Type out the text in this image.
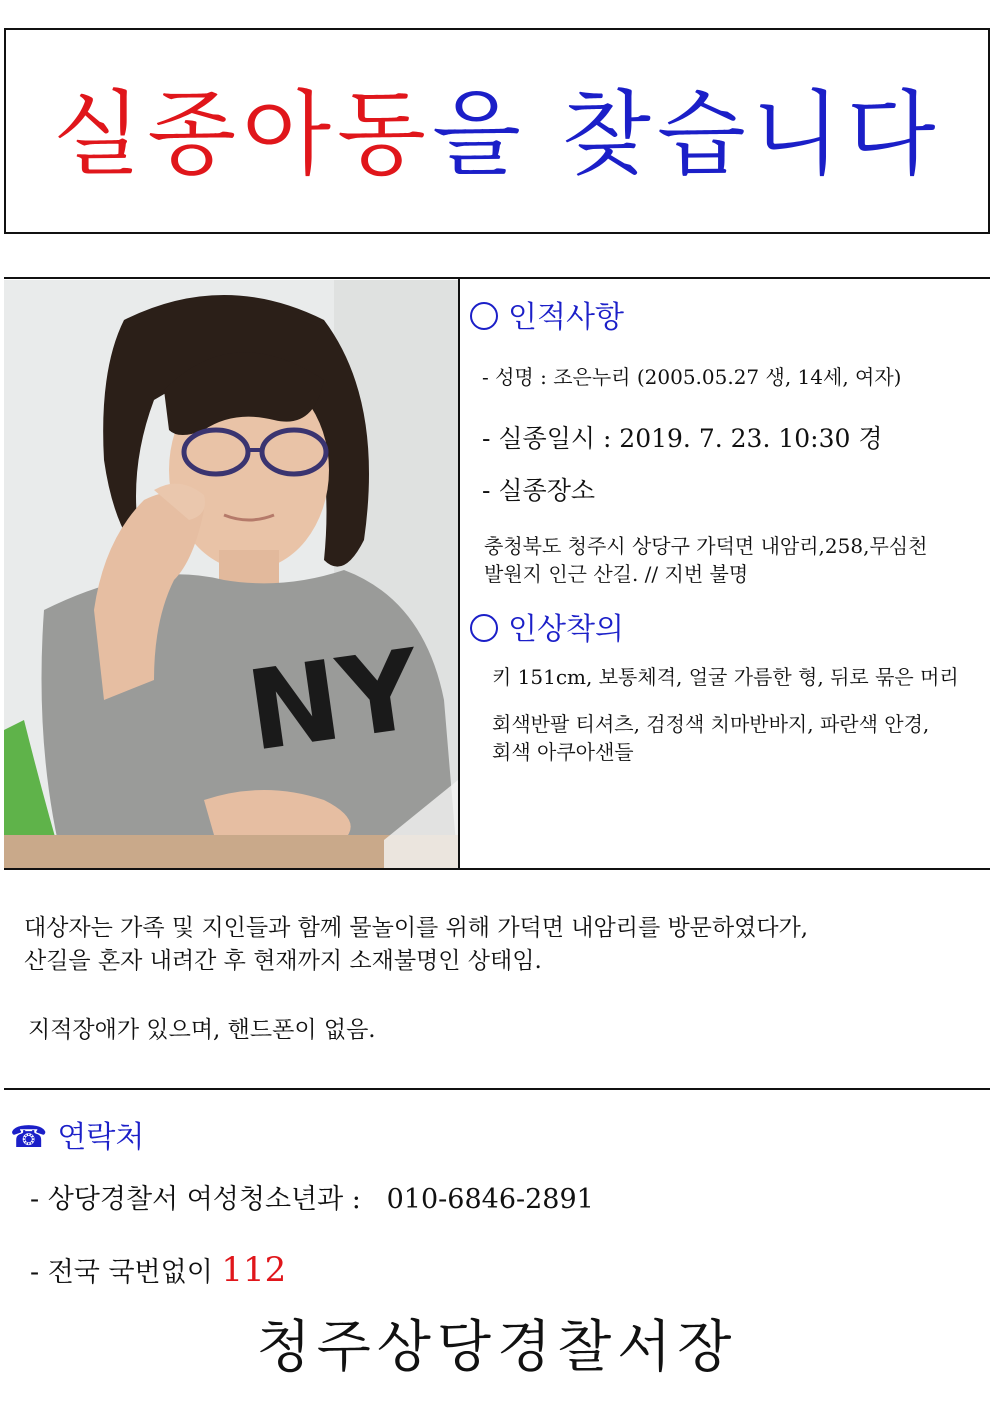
실종아동을 찾습니다
NY
인적사항
- 성명 : 조은누리 (2005.05.27 생, 14세, 여자)
- 실종일시 : 2019. 7. 23. 10:30 경
- 실종장소
충청북도 청주시 상당구 가덕면 내암리,258,무심천
발원지 인근 산길. // 지번 불명
인상착의
키 151cm, 보통체격, 얼굴 가름한 형, 뒤로 묶은 머리
회색반팔 티셔츠, 검정색 치마반바지, 파란색 안경,
회색 아쿠아샌들
대상자는 가족 및 지인들과 함께 물놀이를 위해 가덕면 내암리를 방문하였다가,
산길을 혼자 내려간 후 현재까지 소재불명인 상태임.
지적장애가 있으며, 핸드폰이 없음.
☎ 연락처
- 상당경찰서 여성청소년과 : 010-6846-2891
- 전국 국번없이 112
청주상당경찰서장
